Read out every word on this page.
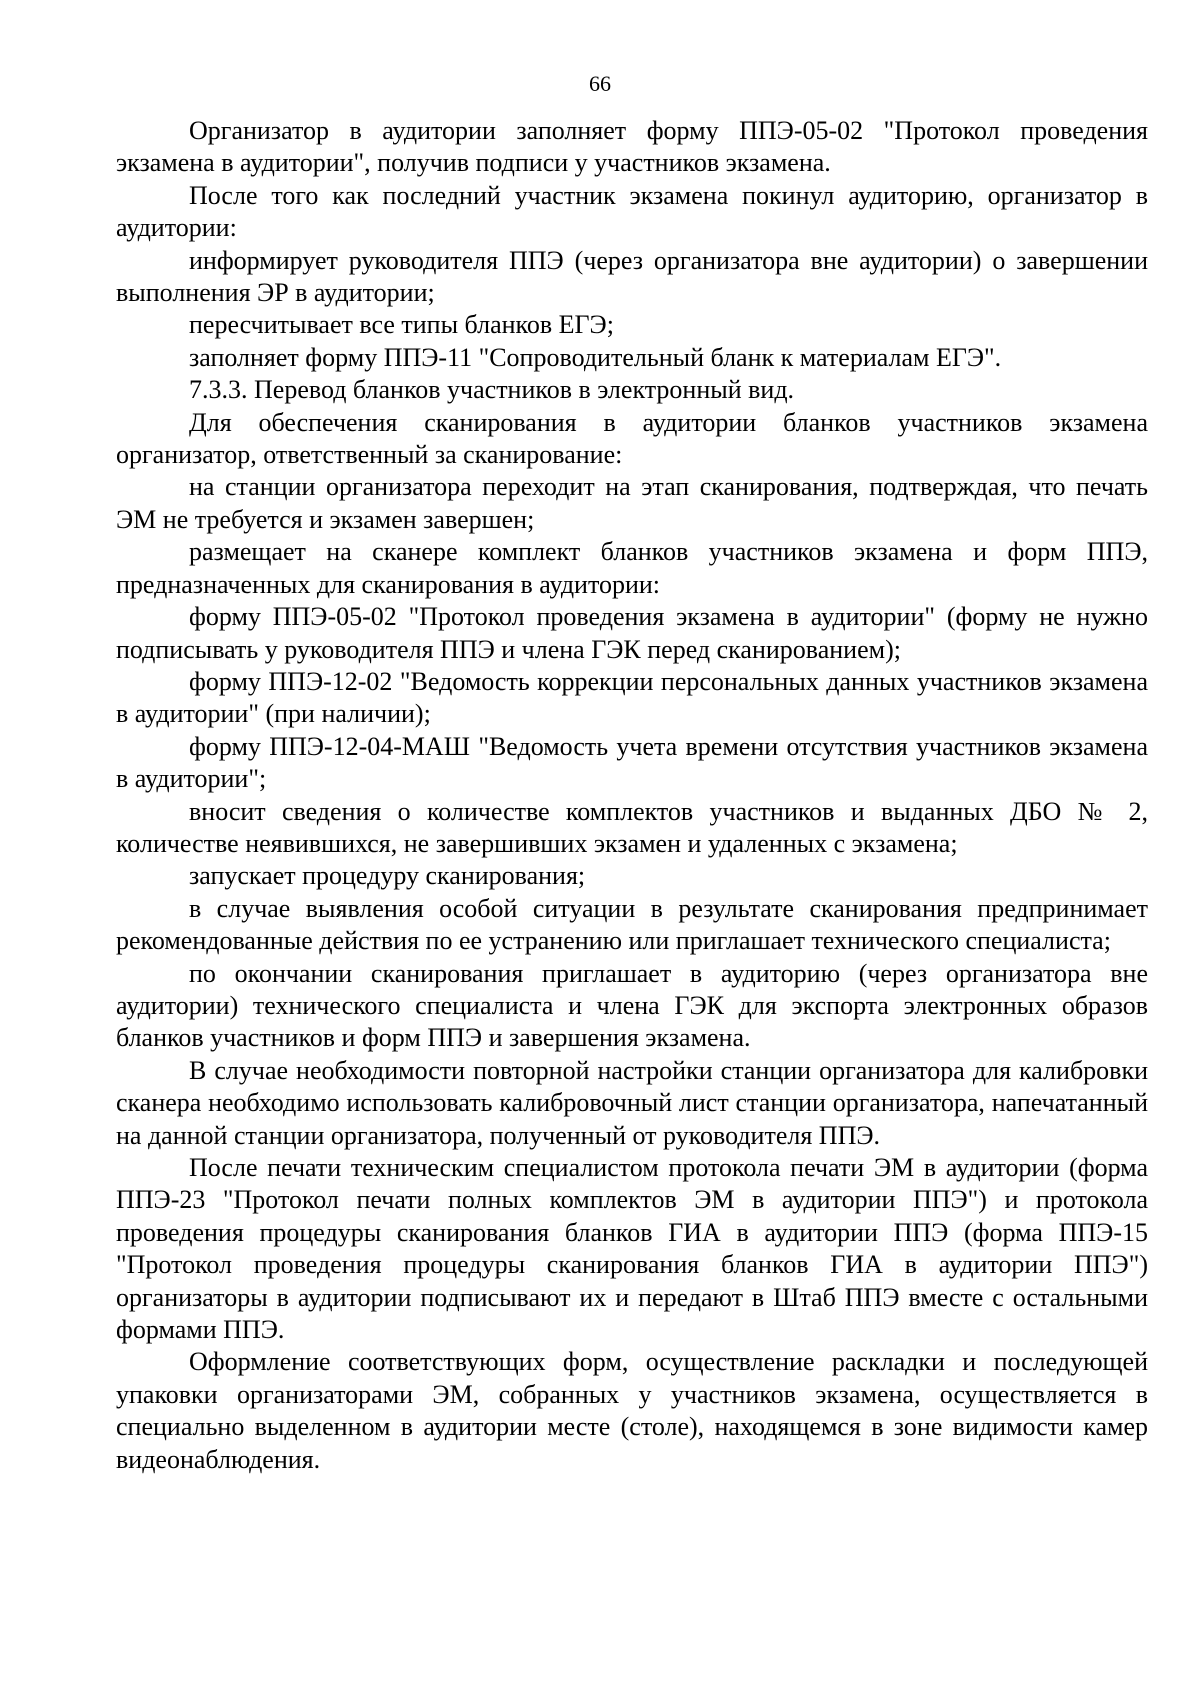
66

Организатор в аудитории заполняет форму ППЭ-05-02 "Протокол проведения экзамена в аудитории", получив подписи у участников экзамена.

После того как последний участник экзамена покинул аудиторию, организатор в аудитории:

информирует руководителя ППЭ (через организатора вне аудитории) о завершении выполнения ЭР в аудитории;

пересчитывает все типы бланков ЕГЭ;

заполняет форму ППЭ-11 "Сопроводительный бланк к материалам ЕГЭ".

7.3.3. Перевод бланков участников в электронный вид.

Для обеспечения сканирования в аудитории бланков участников экзамена организатор, ответственный за сканирование:

на станции организатора переходит на этап сканирования, подтверждая, что печать ЭМ не требуется и экзамен завершен;

размещает на сканере комплект бланков участников экзамена и форм ППЭ, предназначенных для сканирования в аудитории:

форму ППЭ-05-02 "Протокол проведения экзамена в аудитории" (форму не нужно подписывать у руководителя ППЭ и члена ГЭК перед сканированием);

форму ППЭ-12-02 "Ведомость коррекции персональных данных участников экзамена в аудитории" (при наличии);

форму ППЭ-12-04-МАШ "Ведомость учета времени отсутствия участников экзамена в аудитории";

вносит сведения о количестве комплектов участников и выданных ДБО № 2, количестве неявившихся, не завершивших экзамен и удаленных с экзамена;

запускает процедуру сканирования;

в случае выявления особой ситуации в результате сканирования предпринимает рекомендованные действия по ее устранению или приглашает технического специалиста;

по окончании сканирования приглашает в аудиторию (через организатора вне аудитории) технического специалиста и члена ГЭК для экспорта электронных образов бланков участников и форм ППЭ и завершения экзамена.

В случае необходимости повторной настройки станции организатора для калибровки сканера необходимо использовать калибровочный лист станции организатора, напечатанный на данной станции организатора, полученный от руководителя ППЭ.

После печати техническим специалистом протокола печати ЭМ в аудитории (форма ППЭ-23 "Протокол печати полных комплектов ЭМ в аудитории ППЭ") и протокола проведения процедуры сканирования бланков ГИА в аудитории ППЭ (форма ППЭ-15 "Протокол проведения процедуры сканирования бланков ГИА в аудитории ППЭ") организаторы в аудитории подписывают их и передают в Штаб ППЭ вместе с остальными формами ППЭ.

Оформление соответствующих форм, осуществление раскладки и последующей упаковки организаторами ЭМ, собранных у участников экзамена, осуществляется в специально выделенном в аудитории месте (столе), находящемся в зоне видимости камер видеонаблюдения.
